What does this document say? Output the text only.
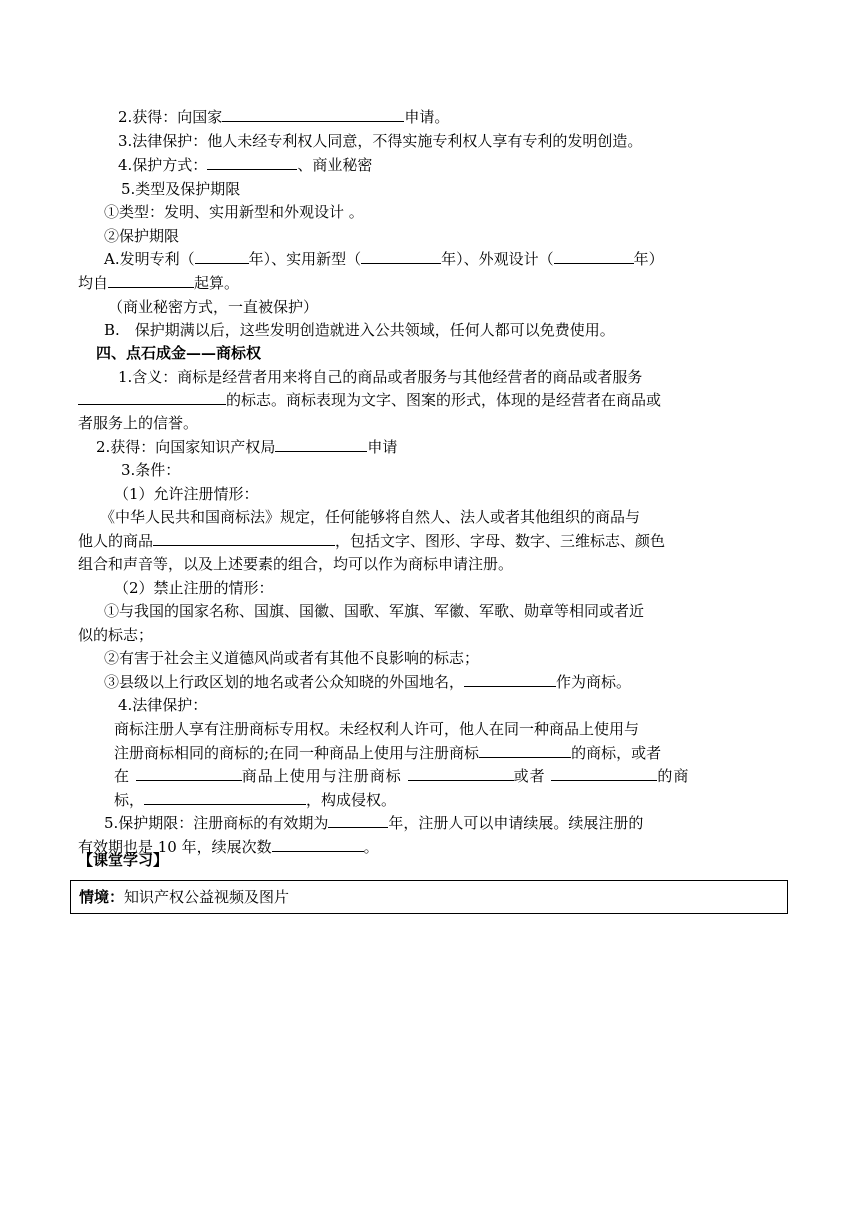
2.获得：向国家	申请。
3.法律保护：他人未经专利权人同意，不得实施专利权人享有专利的发明创造。
4.保护方式：	、商业秘密
5.类型及保护期限
①类型：发明、实用新型和外观设计 。
②保护期限
A.发明专利（	年）、实用新型（	年）、外观设计（	年）
均自	起算。
（商业秘密方式，一直被保护）
B.　保护期满以后，这些发明创造就进入公共领域，任何人都可以免费使用。
四、点石成金——商标权
1.含义：商标是经营者用来将自己的商品或者服务与其他经营者的商品或者服务
的标志。商标表现为文字、图案的形式，体现的是经营者在商品或
者服务上的信誉。
2.获得：向国家知识产权局	申请
3.条件：
（1）允许注册情形：
《中华人民共和国商标法》规定，任何能够将自然人、法人或者其他组织的商品与
他人的商品	，包括文字、图形、字母、数字、三维标志、颜色
组合和声音等，以及上述要素的组合，均可以作为商标申请注册。
（2）禁止注册的情形：
①与我国的国家名称、国旗、国徽、国歌、军旗、军徽、军歌、勋章等相同或者近
似的标志；
②有害于社会主义道德风尚或者有其他不良影响的标志；
③县级以上行政区划的地名或者公众知晓的外国地名，	作为商标。
4.法律保护：
商标注册人享有注册商标专用权。未经权利人许可，他人在同一种商品上使用与
注册商标相同的商标的;在同一种商品上使用与注册商标	的商标，或者
在	商品上使用与注册商标	或者	的商
标，	，构成侵权。
5.保护期限：注册商标的有效期为	年，注册人可以申请续展。续展注册的
有效期也是 10 年，续展次数	。
【课堂学习】
情境：知识产权公益视频及图片
